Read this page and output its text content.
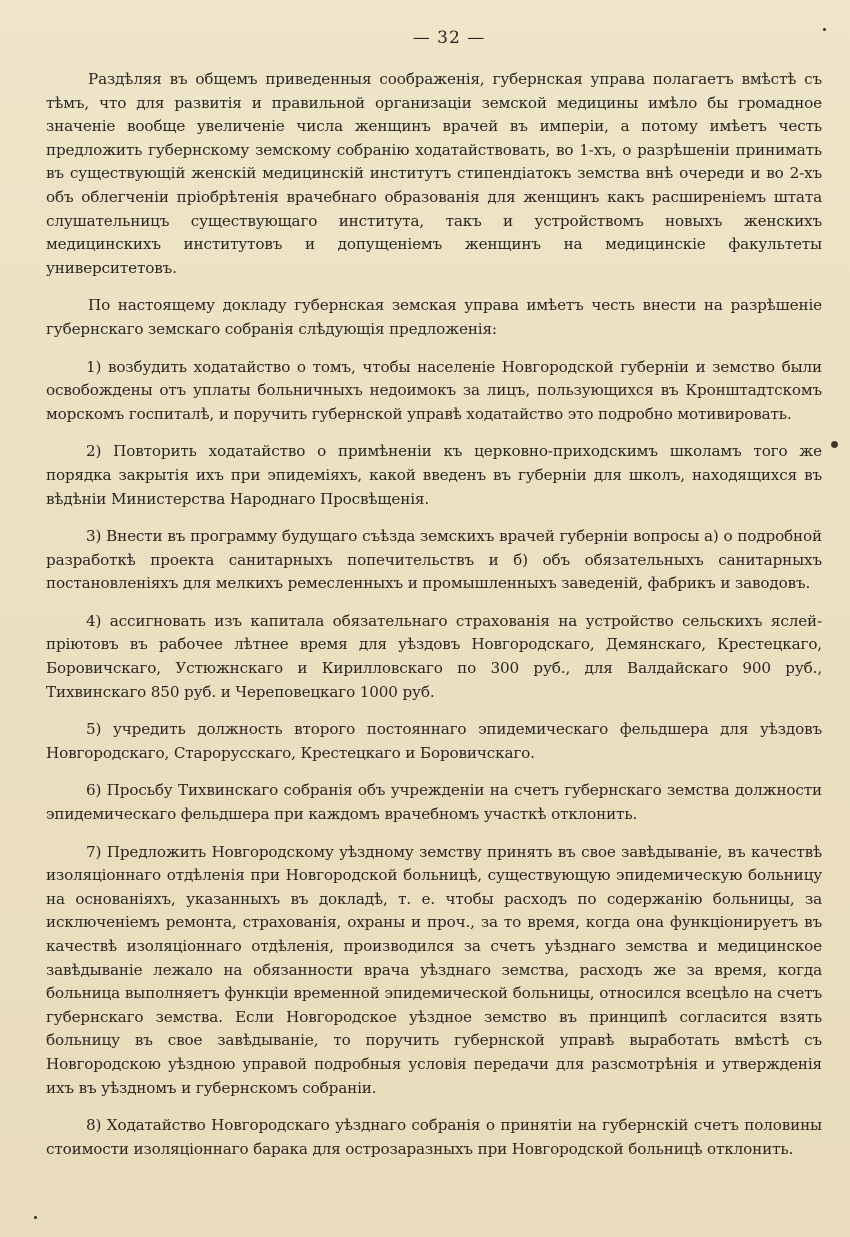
— 32 —

Раздѣляя въ общемъ приведенныя соображенія, губернская управа полагаетъ вмѣстѣ съ тѣмъ, что для развитія и правильной организаціи земской медицины имѣло бы громадное значеніе вообще увеличеніе числа женщинъ врачей въ имперіи, а потому имѣетъ честь предложить губернскому земскому собранію ходатайствовать, во 1-хъ, о разрѣшеніи принимать въ существующій женскій медицинскій институтъ стипендіатокъ земства внѣ очереди и во 2-хъ объ облегченіи пріобрѣтенія врачебнаго образованія для женщинъ какъ расширеніемъ штата слушательницъ существующаго института, такъ и устройствомъ новыхъ женскихъ медицинскихъ институтовъ и допущеніемъ женщинъ на медицинскіе факультеты университетовъ.

По настоящему докладу губернская земская управа имѣетъ честь внести на разрѣшеніе губернскаго земскаго собранія слѣдующія предложенія:

1) возбудить ходатайство о томъ, чтобы населеніе Новгородской губерніи и земство были освобождены отъ уплаты больничныхъ недоимокъ за лицъ, пользующихся въ Кронштадтскомъ морскомъ госпиталѣ, и поручить губернской управѣ ходатайство это подробно мотивировать.

2) Повторить ходатайство о примѣненіи къ церковно-приходскимъ школамъ того же порядка закрытія ихъ при эпидеміяхъ, какой введенъ въ губерніи для школъ, находящихся въ вѣдѣніи Министерства Народнаго Просвѣщенія.

3) Внести въ программу будущаго съѣзда земскихъ врачей губерніи вопросы а) о подробной разработкѣ проекта санитарныхъ попечительствъ и б) объ обязательныхъ санитарныхъ постановленіяхъ для мелкихъ ремесленныхъ и промышленныхъ заведеній, фабрикъ и заводовъ.

4) ассигновать изъ капитала обязательнаго страхованія на устройство сельскихъ яслей-пріютовъ въ рабочее лѣтнее время для уѣздовъ Новгородскаго, Демянскаго, Крестецкаго, Боровичскаго, Устюжнскаго и Кирилловскаго по 300 руб., для Валдайскаго 900 руб., Тихвинскаго 850 руб. и Череповецкаго 1000 руб.

5) учредить должность второго постояннаго эпидемическаго фельдшера для уѣздовъ Новгородскаго, Старорусскаго, Крестецкаго и Боровичскаго.

6) Просьбу Тихвинскаго собранія объ учрежденіи на счетъ губернскаго земства должности эпидемическаго фельдшера при каждомъ врачебномъ участкѣ отклонить.

7) Предложить Новгородскому уѣздному земству принять въ свое завѣдываніе, въ качествѣ изоляціоннаго отдѣленія при Новгородской больницѣ, существующую эпидемическую больницу на основаніяхъ, указанныхъ въ докладѣ, т. е. чтобы расходъ по содержанію больницы, за исключеніемъ ремонта, страхованія, охраны и проч., за то время, когда она функціонируетъ въ качествѣ изоляціоннаго отдѣленія, производился за счетъ уѣзднаго земства и медицинское завѣдываніе лежало на обязанности врача уѣзднаго земства, расходъ же за время, когда больница выполняетъ функціи временной эпидемической больницы, относился всецѣло на счетъ губернскаго земства. Если Новгородское уѣздное земство въ принципѣ согласится взять больницу въ свое завѣдываніе, то поручить губернской управѣ выработать вмѣстѣ съ Новгородскою уѣздною управой подробныя условія передачи для разсмотрѣнія и утвержденія ихъ въ уѣздномъ и губернскомъ собраніи.

8) Ходатайство Новгородскаго уѣзднаго собранія о принятіи на губернскій счетъ половины стоимости изоляціоннаго барака для острозаразныхъ при Новгородской больницѣ отклонить.
